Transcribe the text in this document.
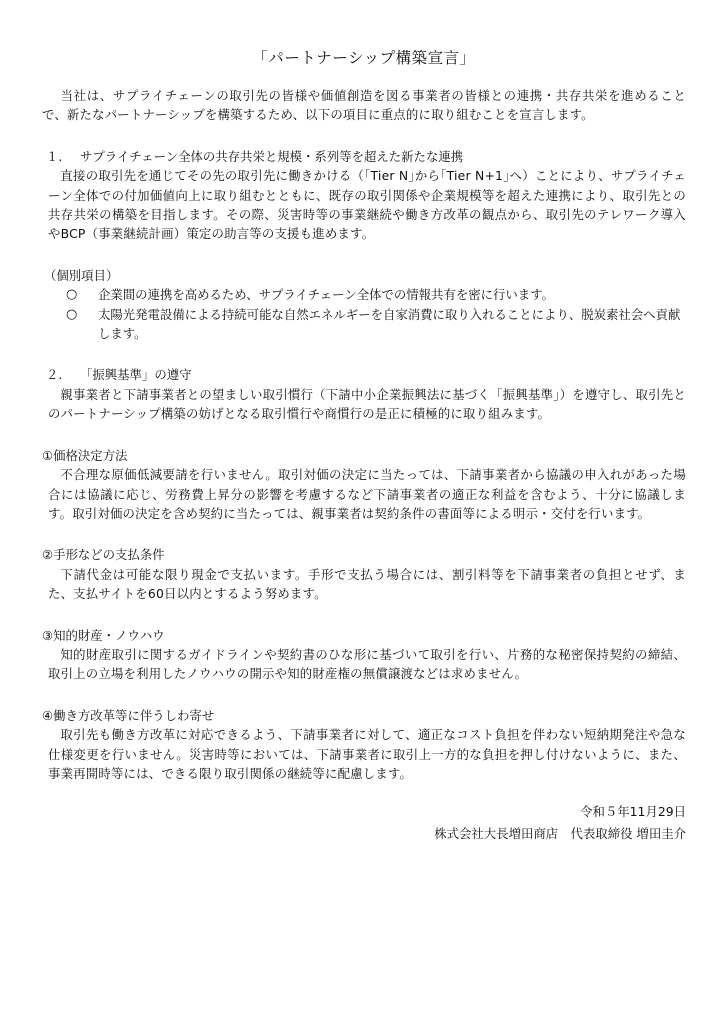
「パートナーシップ構築宣言」

当社は、サプライチェーンの取引先の皆様や価値創造を図る事業者の皆様との連携・共存共栄を進めることで、新たなパートナーシップを構築するため、以下の項目に重点的に取り組むことを宣言します。

１. サプライチェーン全体の共存共栄と規模・系列等を超えた新たな連携

直接の取引先を通じてその先の取引先に働きかける（｢Tier N｣から｢Tier N+1｣へ）ことにより、サプライチェーン全体での付加価値向上に取り組むとともに、既存の取引関係や企業規模等を超えた連携により、取引先との共存共栄の構築を目指します。その際、災害時等の事業継続や働き方改革の観点から、取引先のテレワーク導入やBCP（事業継続計画）策定の助言等の支援も進めます。

（個別項目）
○	企業間の連携を高めるため、サプライチェーン全体での情報共有を密に行います。
○	太陽光発電設備による持続可能な自然エネルギーを自家消費に取り入れることにより、脱炭素社会へ貢献します。
２. 「振興基準」の遵守

親事業者と下請事業者との望ましい取引慣行（下請中小企業振興法に基づく「振興基準」）を遵守し、取引先とのパートナーシップ構築の妨げとなる取引慣行や商慣行の是正に積極的に取り組みます。

①価格決定方法

不合理な原価低減要請を行いません。取引対価の決定に当たっては、下請事業者から協議の申入れがあった場合には協議に応じ、労務費上昇分の影響を考慮するなど下請事業者の適正な利益を含むよう、十分に協議します。取引対価の決定を含め契約に当たっては、親事業者は契約条件の書面等による明示・交付を行います。

②手形などの支払条件

下請代金は可能な限り現金で支払います。手形で支払う場合には、割引料等を下請事業者の負担とせず、また、支払サイトを60日以内とするよう努めます。

③知的財産・ノウハウ

知的財産取引に関するガイドラインや契約書のひな形に基づいて取引を行い、片務的な秘密保持契約の締結、取引上の立場を利用したノウハウの開示や知的財産権の無償譲渡などは求めません。

④働き方改革等に伴うしわ寄せ

取引先も働き方改革に対応できるよう、下請事業者に対して、適正なコスト負担を伴わない短納期発注や急な仕様変更を行いません。災害時等においては、下請事業者に取引上一方的な負担を押し付けないように、また、事業再開時等には、できる限り取引関係の継続等に配慮します。

令和５年11月29日
株式会社大長増田商店　代表取締役 増田圭介
